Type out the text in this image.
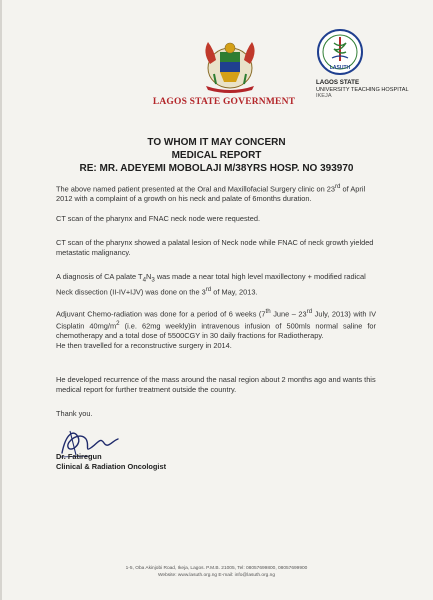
LAGOS STATE GOVERNMENT
LASUTH
LAGOS STATE
UNIVERSITY TEACHING HOSPITAL
IKEJA
TO WHOM IT MAY CONCERN
MEDICAL REPORT
RE: MR. ADEYEMI MOBOLAJI M/38YRS HOSP. NO 393970
The above named patient presented at the Oral and Maxillofacial Surgery clinic on 23rd of April 2012 with a complaint of a growth on his neck and palate of 6months duration.
CT scan of the pharynx and FNAC neck node were requested.
CT scan of the pharynx showed a palatal lesion of Neck node while FNAC of neck growth yielded metastatic malignancy.
A diagnosis of CA palate $T_4N_3$ was made a near total high level maxillectony + modified radical Neck dissection (II-IV+IJV) was done on the 3rd of May, 2013.
Adjuvant Chemo-radiation was done for a period of 6 weeks (7th June – 23rd July, 2013) with IV Cisplatin $40mg/m^2$ (i.e. 62mg weekly)in intravenous infusion of 500mls normal saline for chemotherapy and a total dose of 5500CGY in 30 daily fractions for Radiotherapy.
He then travelled for a reconstructive surgery in 2014.
He developed recurrence of the mass around the nasal region about 2 months ago and wants this medical report for further treatment outside the country.
Thank you.
Dr. Fatiregun
Clinical & Radiation Oncologist
1-5, Oba Akinjobi Road, Ikeja, Lagos. P.M.B. 21005, Tel: 08057699800, 08057699900
Website: www.lasuth.org.ng E-mail: info@lasuth.org.ng
